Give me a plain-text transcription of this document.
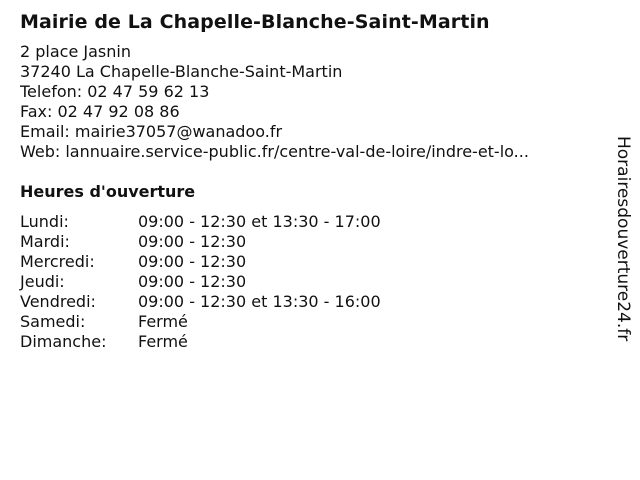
Mairie de La Chapelle-Blanche-Saint-Martin
2 place Jasnin
37240 La Chapelle-Blanche-Saint-Martin
Telefon: 02 47 59 62 13
Fax: 02 47 92 08 86
Email: mairie37057@wanadoo.fr
Web: lannuaire.service-public.fr/centre-val-de-loire/indre-et-lo...
Heures d'ouverture
Lundi:	09:00 - 12:30 et 13:30 - 17:00
Mardi:	09:00 - 12:30
Mercredi:	09:00 - 12:30
Jeudi:	09:00 - 12:30
Vendredi:	09:00 - 12:30 et 13:30 - 16:00
Samedi:	Fermé
Dimanche:	Fermé
Horairesdouverture24.fr
